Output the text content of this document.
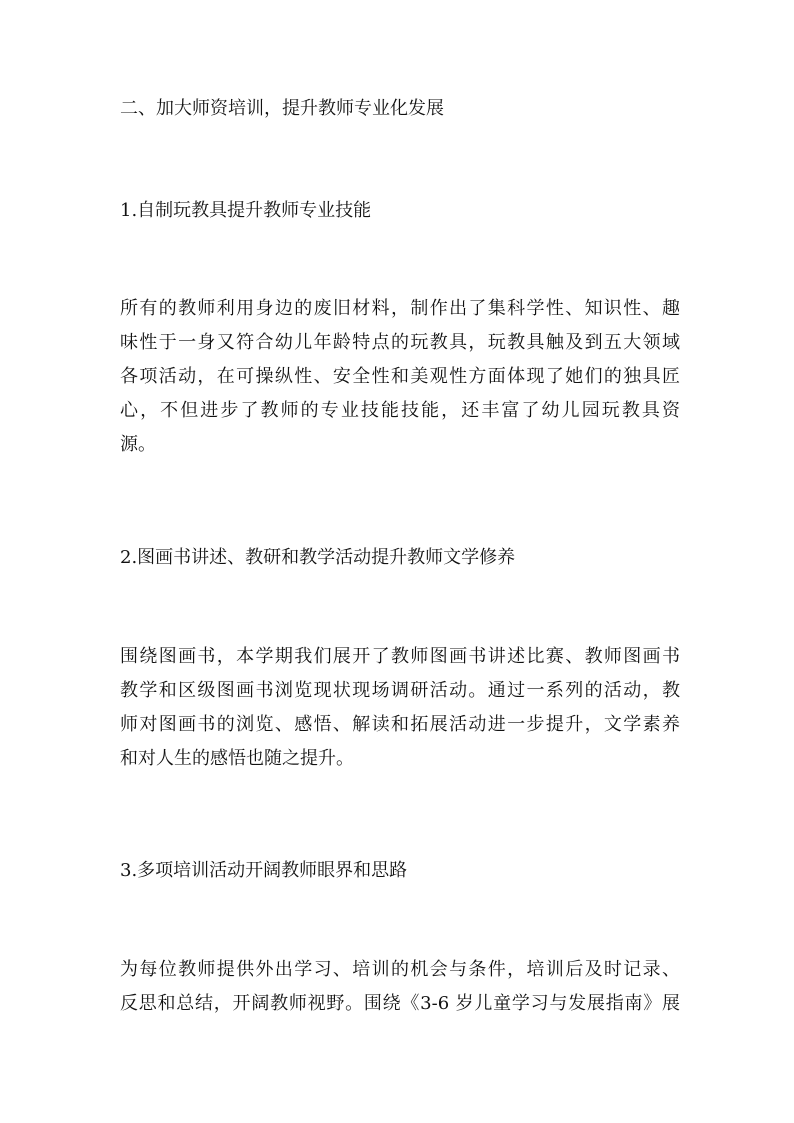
二、加大师资培训，提升教师专业化发展

1.自制玩教具提升教师专业技能

所有的教师利用身边的废旧材料，制作出了集科学性、知识性、趣
味性于一身又符合幼儿年龄特点的玩教具，玩教具触及到五大领域
各项活动，在可操纵性、安全性和美观性方面体现了她们的独具匠
心，不但进步了教师的专业技能技能，还丰富了幼儿园玩教具资
源。

2.图画书讲述、教研和教学活动提升教师文学修养

围绕图画书，本学期我们展开了教师图画书讲述比赛、教师图画书
教学和区级图画书浏览现状现场调研活动。通过一系列的活动，教
师对图画书的浏览、感悟、解读和拓展活动进一步提升，文学素养
和对人生的感悟也随之提升。

3.多项培训活动开阔教师眼界和思路

为每位教师提供外出学习、培训的机会与条件，培训后及时记录、
反思和总结，开阔教师视野。围绕《3-6 岁儿童学习与发展指南》展
